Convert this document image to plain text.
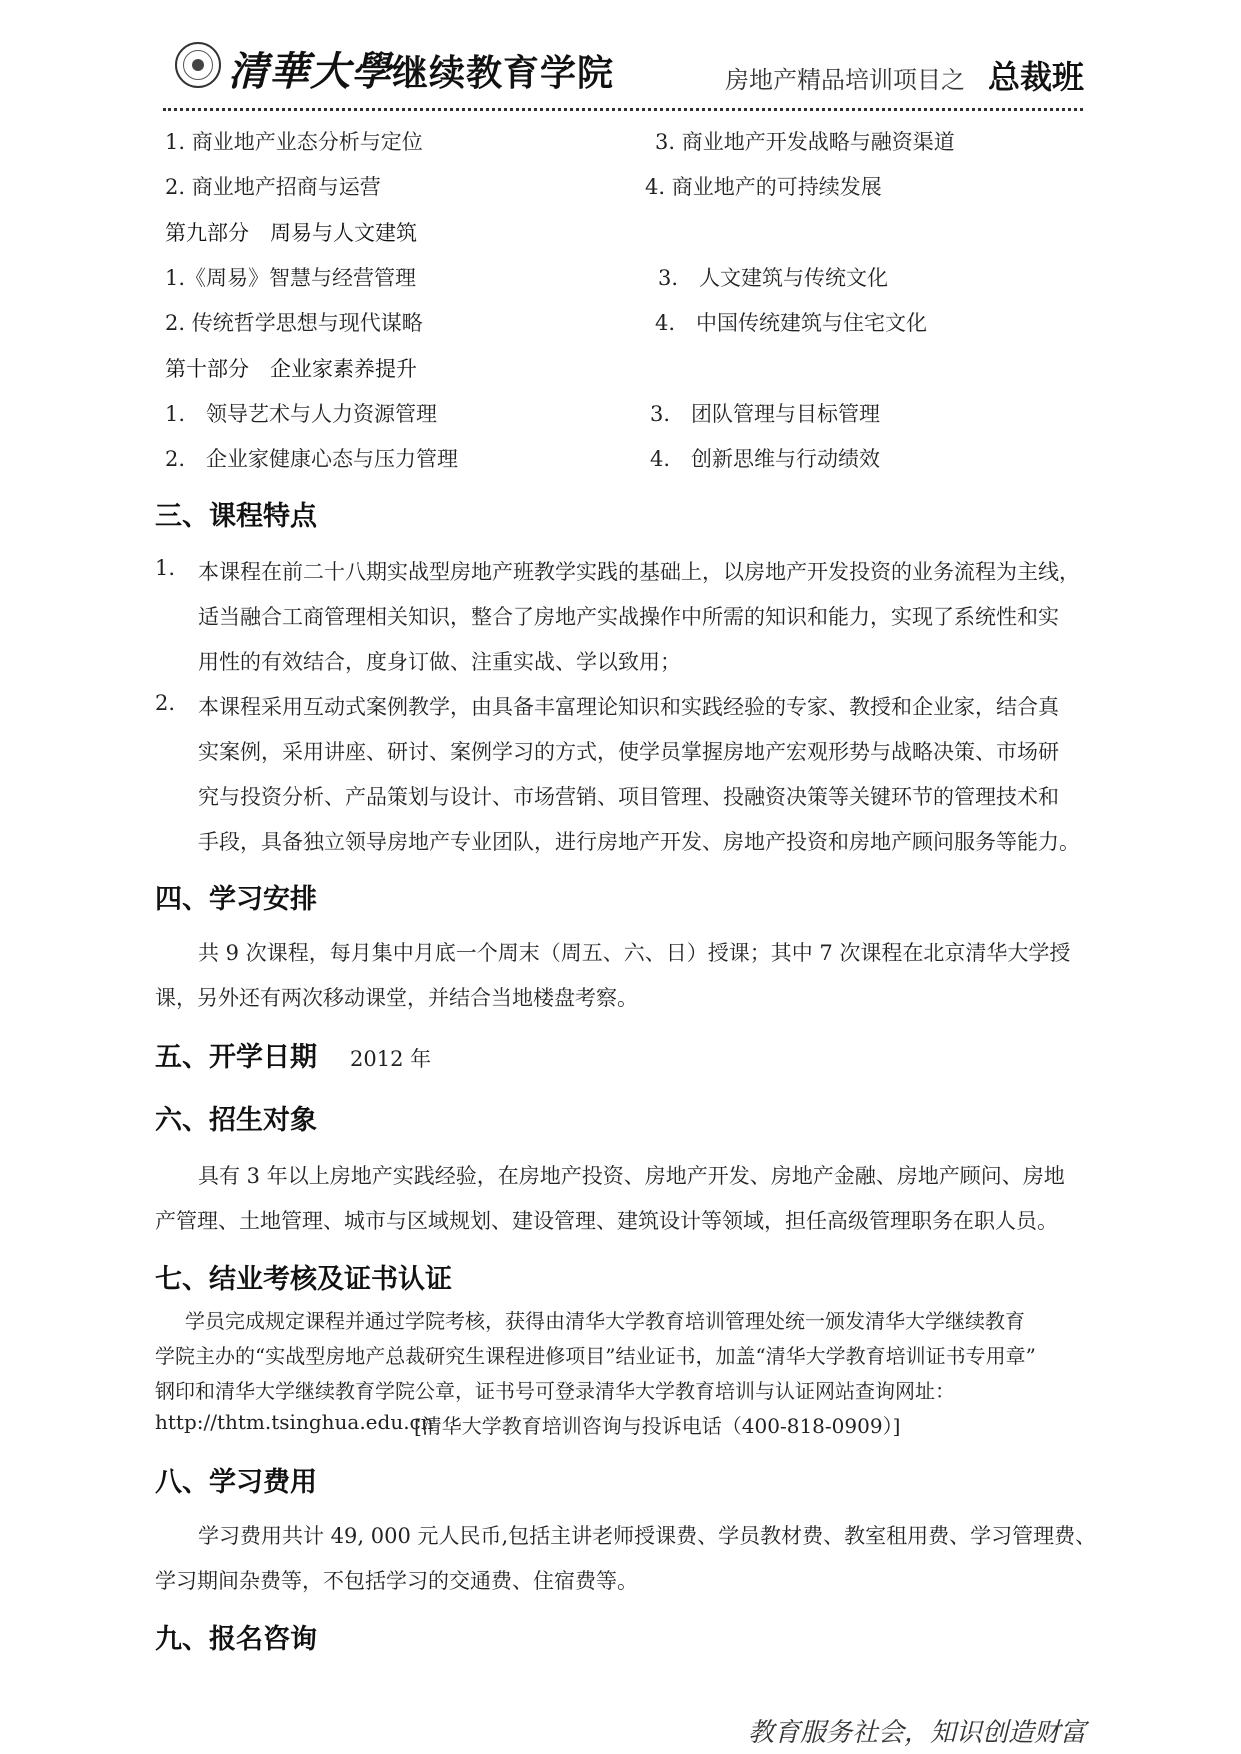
清華大學继续教育学院	房地产精品培训项目之 总裁班
1. 商业地产业态分析与定位	3. 商业地产开发战略与融资渠道
2. 商业地产招商与运营	4. 商业地产的可持续发展
第九部分　周易与人文建筑
1.《周易》智慧与经营管理	3.　人文建筑与传统文化
2. 传统哲学思想与现代谋略	4.　中国传统建筑与住宅文化
第十部分　企业家素养提升
1.　领导艺术与人力资源管理	3.　团队管理与目标管理
2.　企业家健康心态与压力管理	4.　创新思维与行动绩效
三、课程特点
1. 本课程在前二十八期实战型房地产班教学实践的基础上，以房地产开发投资的业务流程为主线，
适当融合工商管理相关知识，整合了房地产实战操作中所需的知识和能力，实现了系统性和实
用性的有效结合，度身订做、注重实战、学以致用；
2. 本课程采用互动式案例教学，由具备丰富理论知识和实践经验的专家、教授和企业家，结合真
实案例，采用讲座、研讨、案例学习的方式，使学员掌握房地产宏观形势与战略决策、市场研
究与投资分析、产品策划与设计、市场营销、项目管理、投融资决策等关键环节的管理技术和
手段，具备独立领导房地产专业团队，进行房地产开发、房地产投资和房地产顾问服务等能力。
四、学习安排
共 9 次课程，每月集中月底一个周末（周五、六、日）授课；其中 7 次课程在北京清华大学授
课，另外还有两次移动课堂，并结合当地楼盘考察。
五、开学日期 2012 年
六、招生对象
具有 3 年以上房地产实践经验，在房地产投资、房地产开发、房地产金融、房地产顾问、房地
产管理、土地管理、城市与区域规划、建设管理、建筑设计等领域，担任高级管理职务在职人员。
七、结业考核及证书认证
学员完成规定课程并通过学院考核，获得由清华大学教育培训管理处统一颁发清华大学继续教育
学院主办的“实战型房地产总裁研究生课程进修项目”结业证书，加盖“清华大学教育培训证书专用章”
钢印和清华大学继续教育学院公章，证书号可登录清华大学教育培训与认证网站查询网址：
http://thtm.tsinghua.edu.cn
[清华大学教育培训咨询与投诉电话（400-818-0909）]
八、学习费用
学习费用共计 49, 000 元人民币,包括主讲老师授课费、学员教材费、教室租用费、学习管理费、
学习期间杂费等，不包括学习的交通费、住宿费等。
九、报名咨询
教育服务社会，知识创造财富
